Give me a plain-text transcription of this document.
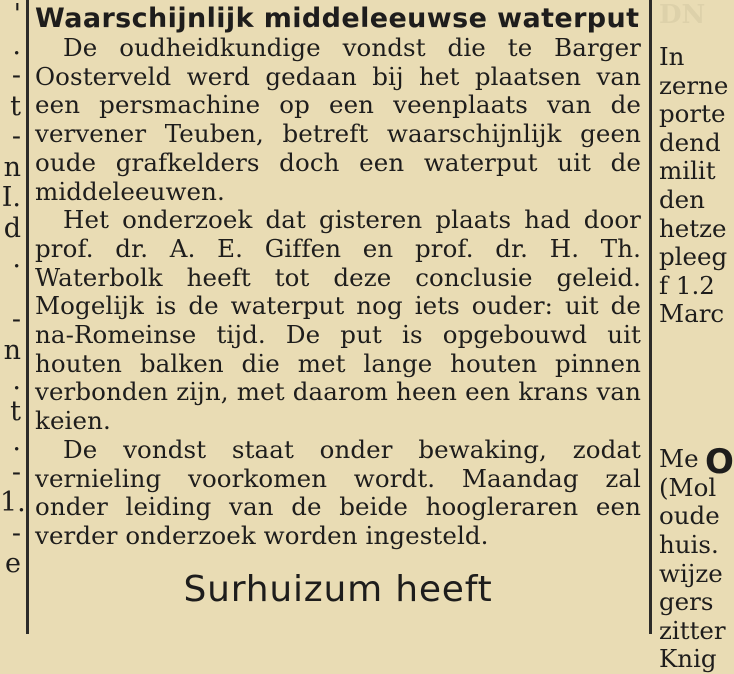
'
.
-
t
-
n
I.
d
.
-
n
.
t
.
-
1.
-
e
Waarschijnlijk middeleeuwse waterput

De oudheidkundige vondst die te Barger Oosterveld werd gedaan bij het plaatsen van een persmachine op een veenplaats van de vervener Teuben, betreft waarschijnlijk geen oude grafkelders doch een waterput uit de middeleeuwen.

Het onderzoek dat gisteren plaats had door prof. dr. A. E. Giffen en prof. dr. H. Th. Waterbolk heeft tot deze conclusie geleid. Mogelijk is de waterput nog iets ouder: uit de na-Romeinse tijd. De put is opgebouwd uit houten balken die met lange houten pinnen verbonden zijn, met daarom heen een krans van keien.

De vondst staat onder bewaking, zodat vernieling voorkomen wordt. Maandag zal onder leiding van de beide hoogleraren een verder onderzoek worden ingesteld.

Surhuizum heeft
DN
In
zerne
porte
dend
milit
den
hetze
pleeg
f 1.2
Marc
O
Me
(Mol
oude
huis.
wijze
gers
zitter
Knig
